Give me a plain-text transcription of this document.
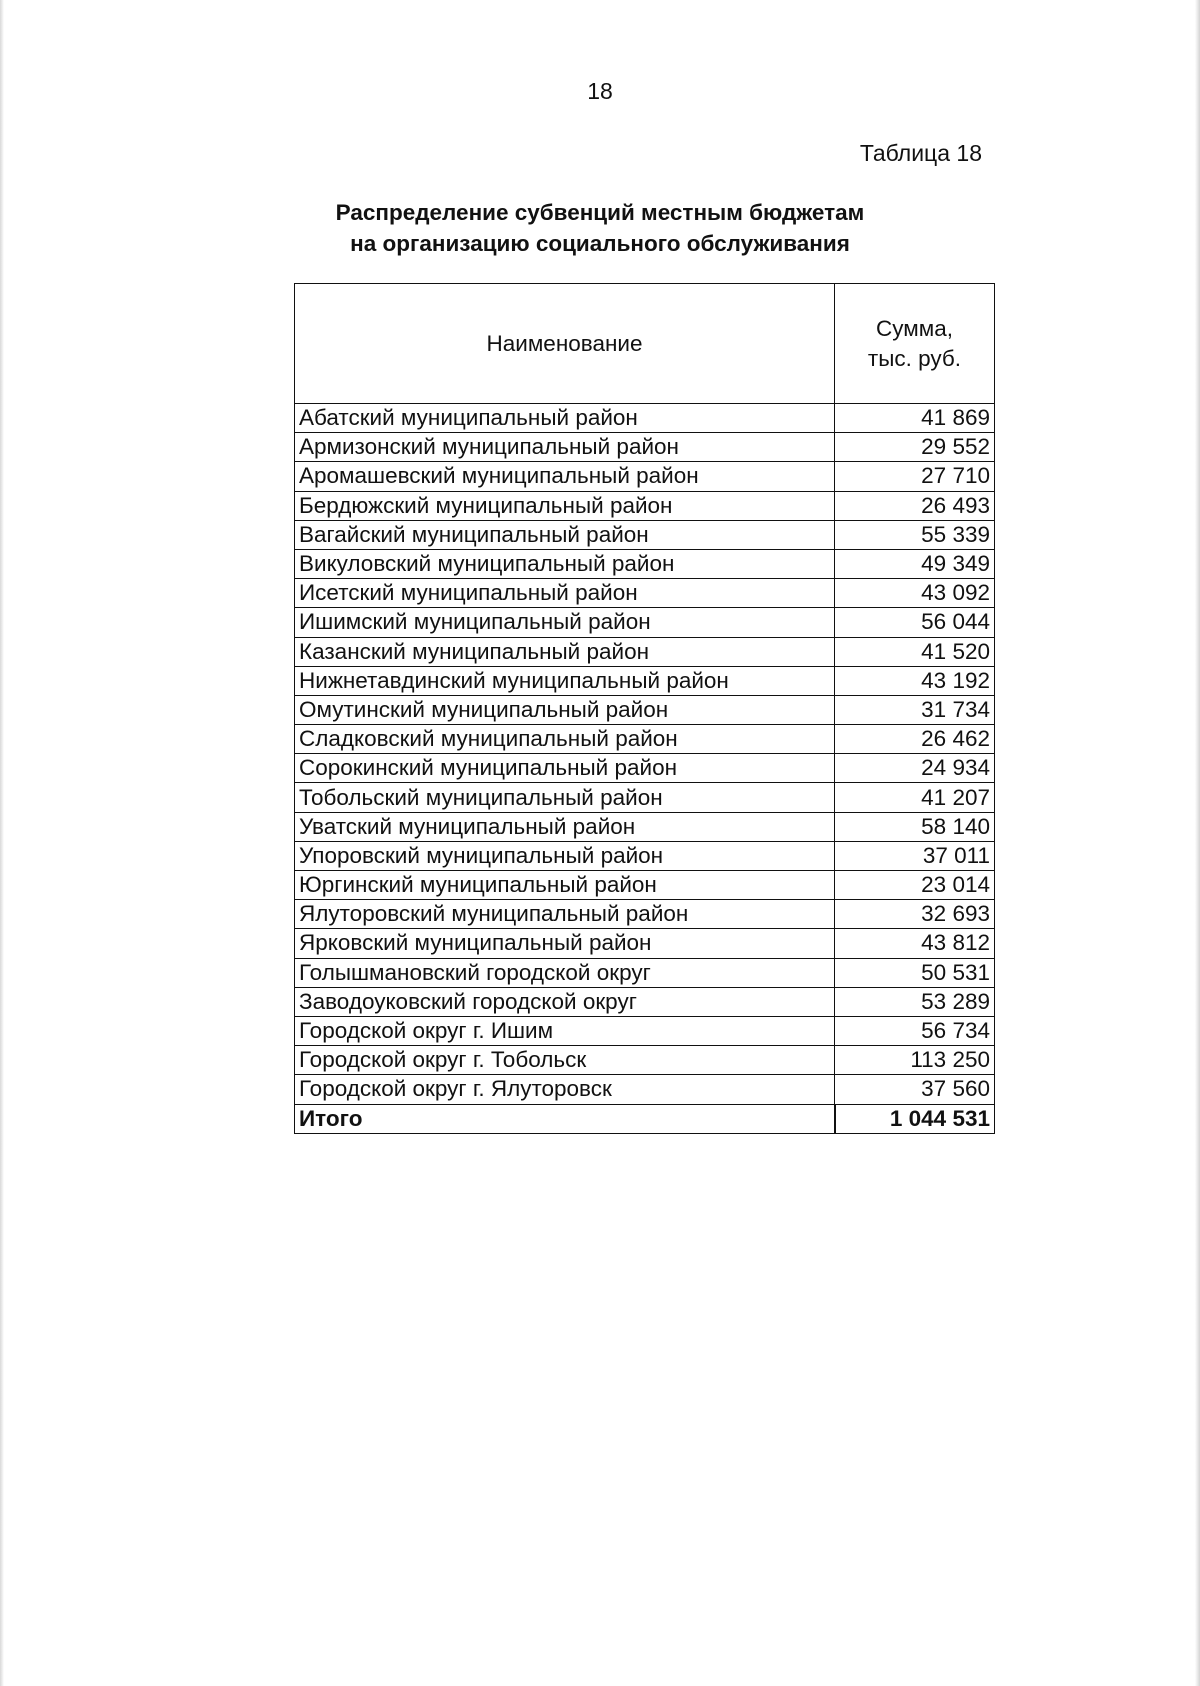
18
Таблица 18
Распределение субвенций местным бюджетам
на организацию социального обслуживания
Наименование	Сумма,
тыс. руб.

Абатский муниципальный район	41 869
Армизонский муниципальный район	29 552
Аромашевский муниципальный район	27 710
Бердюжский муниципальный район	26 493
Вагайский муниципальный район	55 339
Викуловский муниципальный район	49 349
Исетский муниципальный район	43 092
Ишимский муниципальный район	56 044
Казанский муниципальный район	41 520
Нижнетавдинский муниципальный район	43 192
Омутинский муниципальный район	31 734
Сладковский муниципальный район	26 462
Сорокинский муниципальный район	24 934
Тобольский муниципальный район	41 207
Уватский муниципальный район	58 140
Упоровский муниципальный район	37 011
Юргинский муниципальный район	23 014
Ялуторовский муниципальный район	32 693
Ярковский муниципальный район	43 812
Голышмановский городской округ	50 531
Заводоуковский городской округ	53 289
Городской округ г. Ишим	56 734
Городской округ г. Тобольск	113 250
Городской округ г. Ялуторовск	37 560
Итого	1 044 531
